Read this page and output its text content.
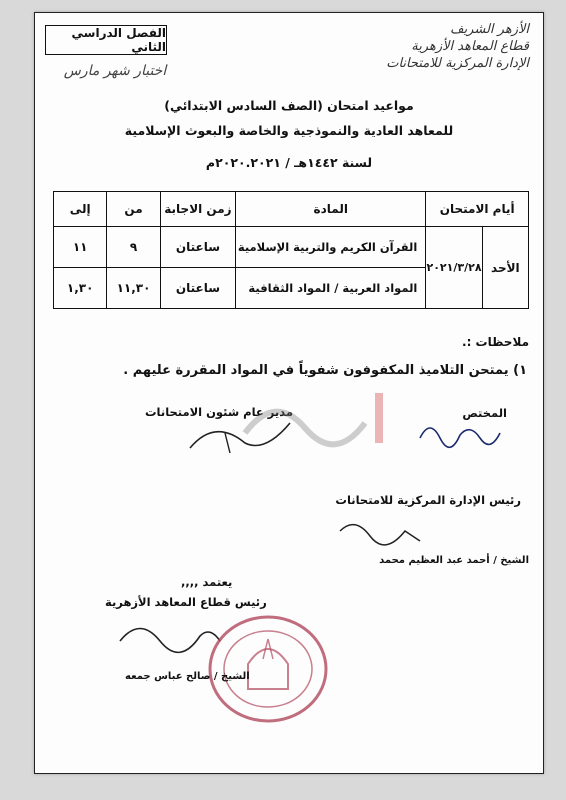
الأزهر الشريف
قطاع المعاهد الأزهرية
الإدارة المركزية للامتحانات
الفصل الدراسي الثاني
اختبار شهر مارس
مواعيد امتحان (الصف السادس الابتدائي)
للمعاهد العادية والنموذجية والخاصة والبعوث الإسلامية
لسنة ١٤٤٢هـ / ٢٠٢٠.٢٠٢١م
أيام الامتحان		المادة	زمن الاجابة	من	إلى
الأحد	٢٠٢١/٣/٢٨	القرآن الكريم والتربية الإسلامية	ساعتان	٩	١١
		المواد العربية / المواد الثقافية	ساعتان	١١,٣٠	١,٣٠
ملاحظات :.
١) يمتحن التلاميذ المكفوفون شفوياً في المواد المقررة عليهم .
المختص
مدير عام شئون الامتحانات
رئيس الإدارة المركزية للامتحانات
الشيخ / أحمد عبد العظيم محمد
يعتمد ,,,,
رئيس قطاع المعاهد الأزهرية
الشيخ / صالح عباس جمعه
